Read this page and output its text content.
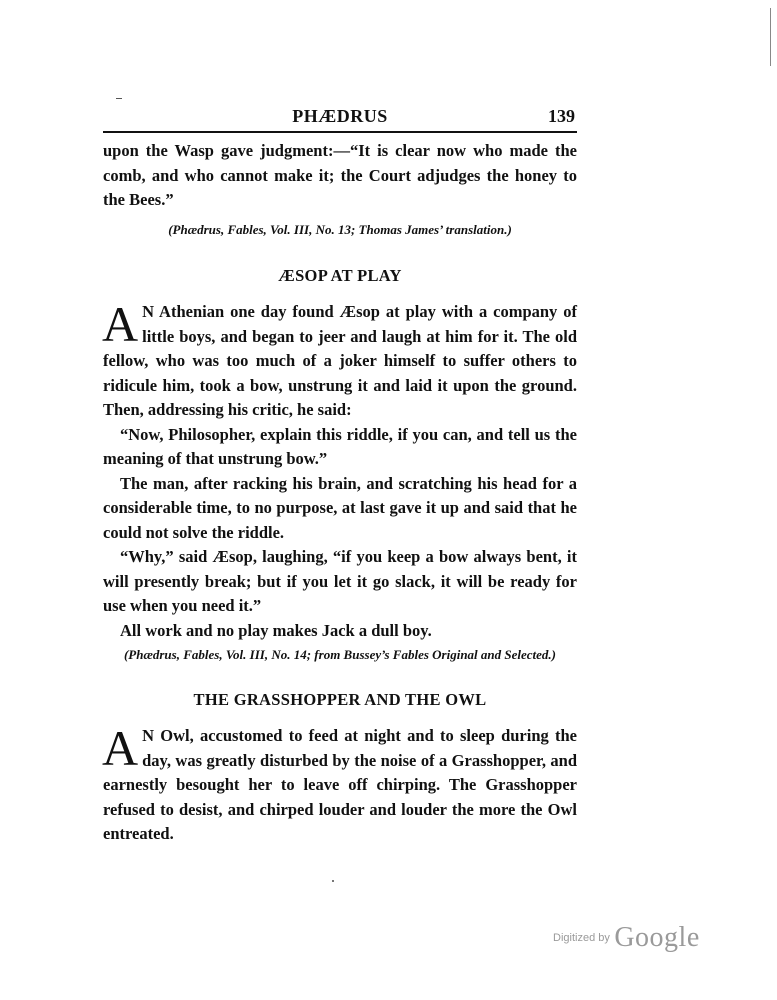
PHÆDRUS	139

upon the Wasp gave judgment:—“It is clear now who made the comb, and who cannot make it; the Court adjudges the honey to the Bees.”

(Phædrus, Fables, Vol. III, No. 13; Thomas James’ translation.)
ÆSOP AT PLAY

A N Athenian one day found Æsop at play with a company of little boys, and began to jeer and laugh at him for it. The old fellow, who was too much of a joker himself to suffer others to ridicule him, took a bow, unstrung it and laid it upon the ground. Then, addressing his critic, he said:

“Now, Philosopher, explain this riddle, if you can, and tell us the meaning of that unstrung bow.”

The man, after racking his brain, and scratching his head for a considerable time, to no purpose, at last gave it up and said that he could not solve the riddle.

“Why,” said Æsop, laughing, “if you keep a bow always bent, it will presently break; but if you let it go slack, it will be ready for use when you need it.”

All work and no play makes Jack a dull boy.

(Phædrus, Fables, Vol. III, No. 14; from Bussey’s Fables Original and Selected.)
THE GRASSHOPPER AND THE OWL

A N Owl, accustomed to feed at night and to sleep during the day, was greatly disturbed by the noise of a Grasshopper, and earnestly besought her to leave off chirping. The Grasshopper refused to desist, and chirped louder and louder the more the Owl entreated.

Digitized by Google
